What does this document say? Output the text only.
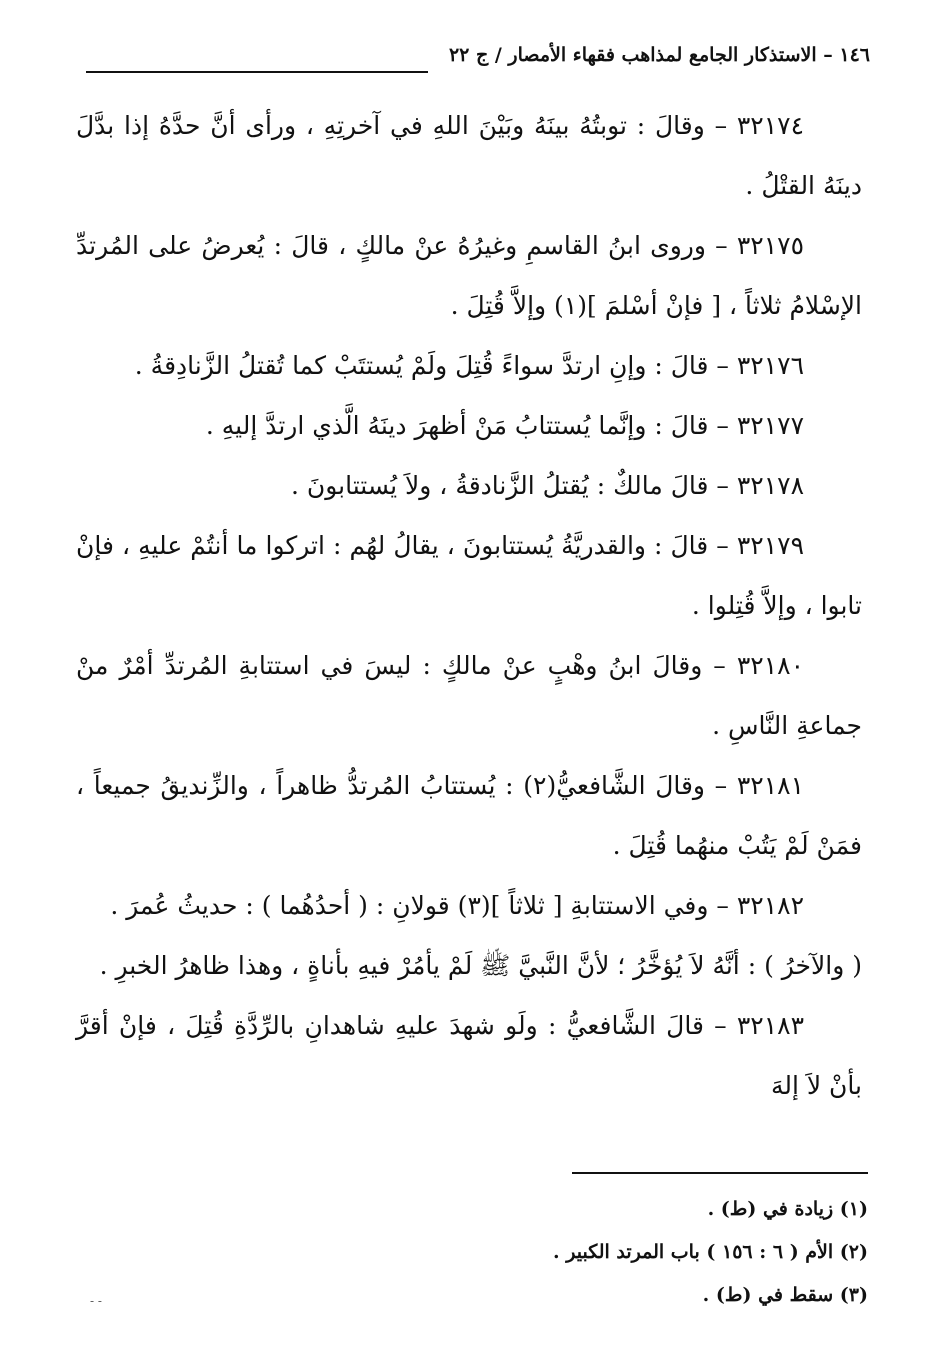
١٤٦ – الاستذكار الجامع لمذاهب فقهاء الأمصار / ج ٢٢

٣٢١٧٤ – وقالَ : توبتُهُ بينَهُ وبَيْنَ اللهِ في آخرتِهِ ، ورأى أنَّ حدَّهُ إذا بدَّلَ دينَهُ القتْلُ .

٣٢١٧٥ – وروى ابنُ القاسمِ وغيرُهُ عنْ مالكٍ ، قالَ : يُعرضُ على المُرتدِّ الإسْلامُ ثلاثاً ، [ فإنْ أسْلمَ ](١) وإلاَّ قُتِلَ .

٣٢١٧٦ – قالَ : وإنِ ارتدَّ سواءً قُتِلَ ولَمْ يُستتَبْ كما تُقتلُ الزَّنادِقةُ .

٣٢١٧٧ – قالَ : وإنَّما يُستتابُ مَنْ أظهرَ دينَهُ الَّذي ارتدَّ إليهِ .

٣٢١٧٨ – قالَ مالكٌ : يُقتلُ الزَّنادقةُ ، ولاَ يُستتابونَ .

٣٢١٧٩ – قالَ : والقدريَّةُ يُستتابونَ ، يقالُ لهُم : اتركوا ما أنتُمْ عليهِ ، فإنْ تابوا ، وإلاَّ قُتِلوا .

٣٢١٨٠ – وقالَ ابنُ وهْبٍ عنْ مالكٍ : ليسَ في استتابةِ المُرتدِّ أمْرٌ منْ جماعةِ النَّاسِ .

٣٢١٨١ – وقالَ الشَّافعيُّ(٢) : يُستتابُ المُرتدُّ ظاهراً ، والزِّنديقُ جميعاً ، فمَنْ لَمْ يَتُبْ منهُما قُتِلَ .

٣٢١٨٢ – وفي الاستتابةِ [ ثلاثاً ](٣) قولانِ : ( أحدُهُما ) : حديثُ عُمرَ .

( والآخرُ ) : أنَّهُ لاَ يُؤخَّرُ ؛ لأنَّ النَّبيَّ ﷺ لَمْ يأمُرْ فيهِ بأناةٍ ، وهذا ظاهرُ الخبرِ .

٣٢١٨٣ – قالَ الشَّافعيُّ : ولَو شهدَ عليهِ شاهدانِ بالرِّدَّةِ قُتِلَ ، فإنْ أقرَّ بأنْ لاَ إلهَ

(١) زيادة في (ط) .

(٢) الأم ( ٦ : ١٥٦ ) باب المرتد الكبير .

(٣) سقط في (ط) .

- -
